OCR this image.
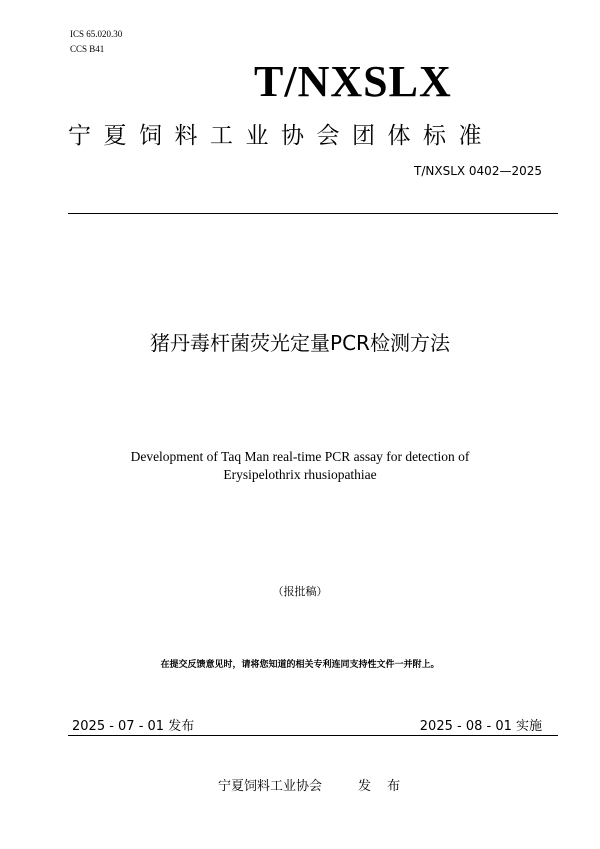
ICS 65.020.30
CCS B41
T/NXSLX
宁夏饲料工业协会团体标准
T/NXSLX 0402—2025
猪丹毒杆菌荧光定量PCR检测方法
Development of Taq Man real-time PCR assay for detection of
Erysipelothrix rhusiopathiae
（报批稿）
在提交反馈意见时，请将您知道的相关专利连同支持性文件一并附上。
2025 - 07 - 01 发布	2025 - 08 - 01 实施
宁夏饲料工业协会	发 布
